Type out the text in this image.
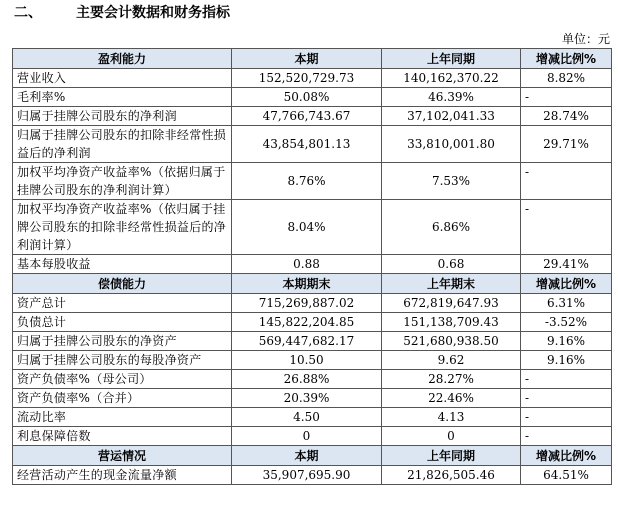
二、 主要会计数据和财务指标
单位：元
盈利能力	本期	上年同期	增减比例%
营业收入	152,520,729.73	140,162,370.22	8.82%
毛利率%	50.08%	46.39%	-
归属于挂牌公司股东的净利润	47,766,743.67	37,102,041.33	28.74%
归属于挂牌公司股东的扣除非经常性损益后的净利润	43,854,801.13	33,810,001.80	29.71%
加权平均净资产收益率%（依据归属于挂牌公司股东的净利润计算）	8.76%	7.53%	-
加权平均净资产收益率%（依归属于挂牌公司股东的扣除非经常性损益后的净利润计算）	8.04%	6.86%	-
基本每股收益	0.88	0.68	29.41%
偿债能力	本期期末	上年期末	增减比例%
资产总计	715,269,887.02	672,819,647.93	6.31%
负债总计	145,822,204.85	151,138,709.43	-3.52%
归属于挂牌公司股东的净资产	569,447,682.17	521,680,938.50	9.16%
归属于挂牌公司股东的每股净资产	10.50	9.62	9.16%
资产负债率%（母公司）	26.88%	28.27%	-
资产负债率%（合并）	20.39%	22.46%	-
流动比率	4.50	4.13	-
利息保障倍数	0	0	-
营运情况	本期	上年同期	增减比例%
经营活动产生的现金流量净额	35,907,695.90	21,826,505.46	64.51%
